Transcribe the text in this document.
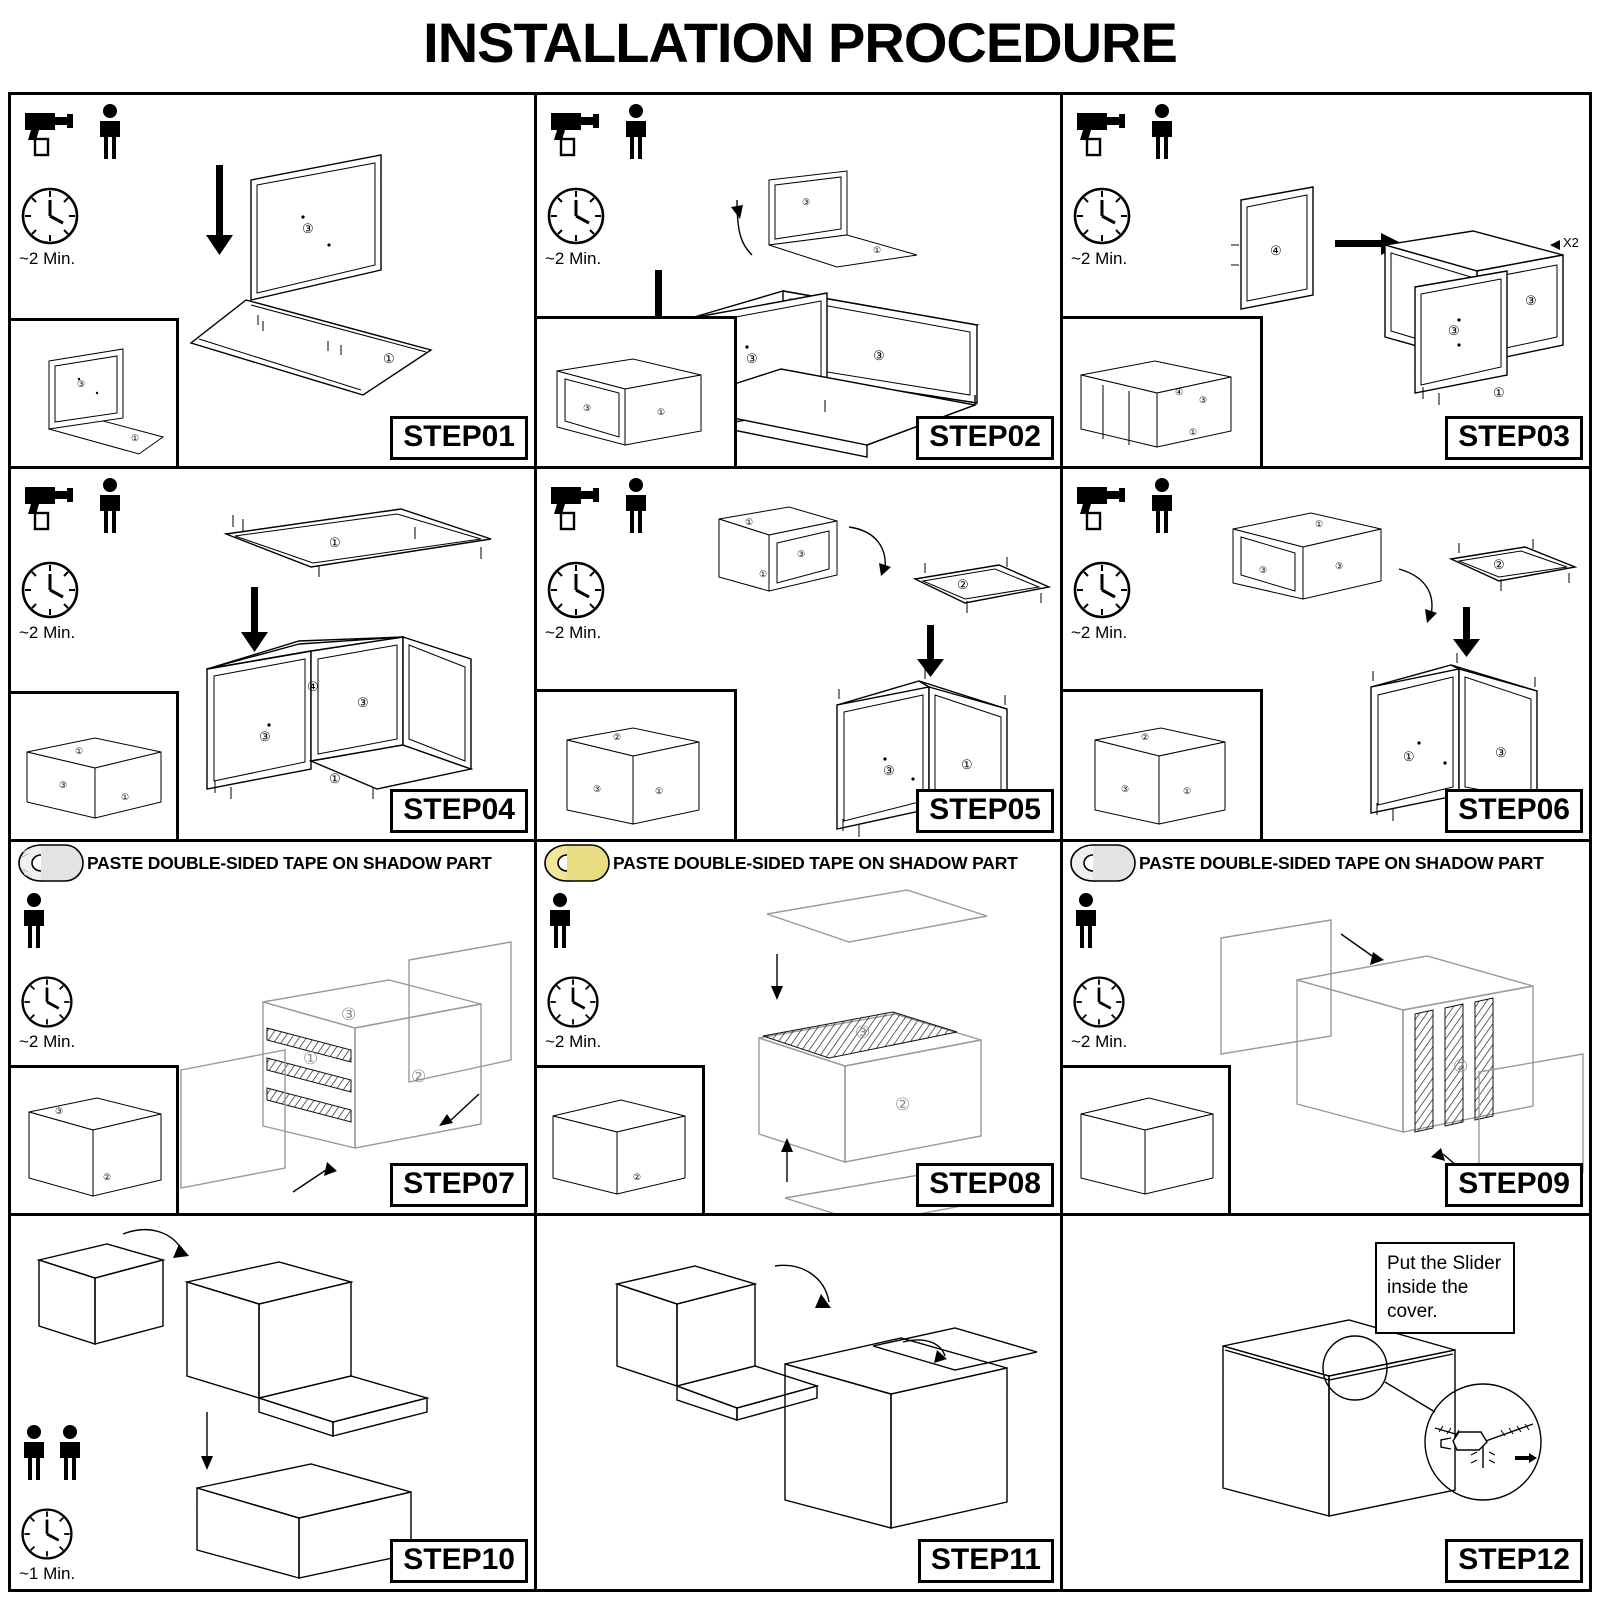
INSTALLATION PROCEDURE
~2 Min.
③
①
③
①	STEP01
~2 Min.
③
①
③	③
③	①
STEP02
~2 Min.	④
③
③
①
X2
④
③
①	STEP03
~2 Min.
①
④
③
③
①
①
③
①	STEP04
~2 Min.
①
③
①
②
③	①
②
③	①
STEP05
~2 Min.
①
③	③	②
①	③
②
③	①
STEP06
PASTE DOUBLE-SIDED TAPE ON SHADOW PART
~2 Min.
③
①
②
③
②	STEP07
PASTE DOUBLE-SIDED TAPE ON SHADOW PART
~2 Min.	③
②
②	STEP08
PASTE DOUBLE-SIDED TAPE ON SHADOW PART
~2 Min.
②
STEP09
~1 Min.	STEP10	STEP11
Put the Slider inside the cover.
STEP12
